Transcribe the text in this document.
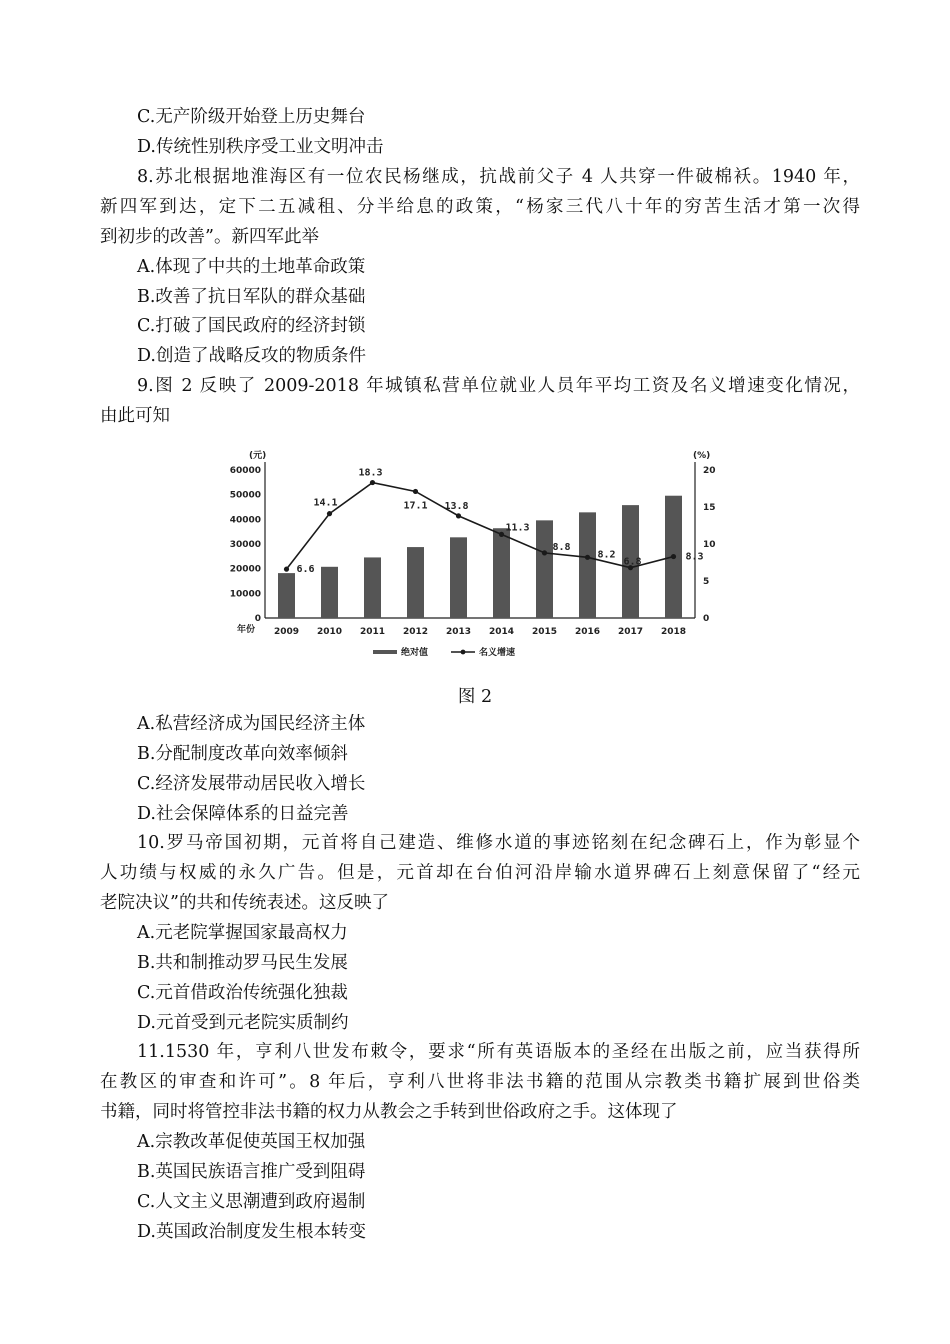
C.无产阶级开始登上历史舞台
D.传统性别秩序受工业文明冲击
8.苏北根据地淮海区有一位农民杨继成，抗战前父子 4 人共穿一件破棉袄。1940 年，
新四军到达，定下二五减租、分半给息的政策，“杨家三代八十年的穷苦生活才第一次得
到初步的改善”。新四军此举
A.体现了中共的土地革命政策
B.改善了抗日军队的群众基础
C.打破了国民政府的经济封锁
D.创造了战略反攻的物质条件
9.图 2 反映了 2009-2018 年城镇私营单位就业人员年平均工资及名义增速变化情况，
由此可知
(元)	(%)
0
10000
20000
30000
40000
50000
60000
0
5
10
15
20
2009 2010 2011 2012 2013 2014 2015 2016 2017 2018
年份
6.6
14.1
18.3
17.1 13.8
11.3
8.8
8.2
6.8	8.3
绝对值	名义增速
图 2
A.私营经济成为国民经济主体
B.分配制度改革向效率倾斜
C.经济发展带动居民收入增长
D.社会保障体系的日益完善
10.罗马帝国初期，元首将自己建造、维修水道的事迹铭刻在纪念碑石上，作为彰显个
人功绩与权威的永久广告。但是，元首却在台伯河沿岸输水道界碑石上刻意保留了“经元
老院决议”的共和传统表述。这反映了
A.元老院掌握国家最高权力
B.共和制推动罗马民生发展
C.元首借政治传统强化独裁
D.元首受到元老院实质制约
11.1530 年，亨利八世发布敕令，要求“所有英语版本的圣经在出版之前，应当获得所
在教区的审查和许可”。8 年后，亨利八世将非法书籍的范围从宗教类书籍扩展到世俗类
书籍，同时将管控非法书籍的权力从教会之手转到世俗政府之手。这体现了
A.宗教改革促使英国王权加强
B.英国民族语言推广受到阻碍
C.人文主义思潮遭到政府遏制
D.英国政治制度发生根本转变
